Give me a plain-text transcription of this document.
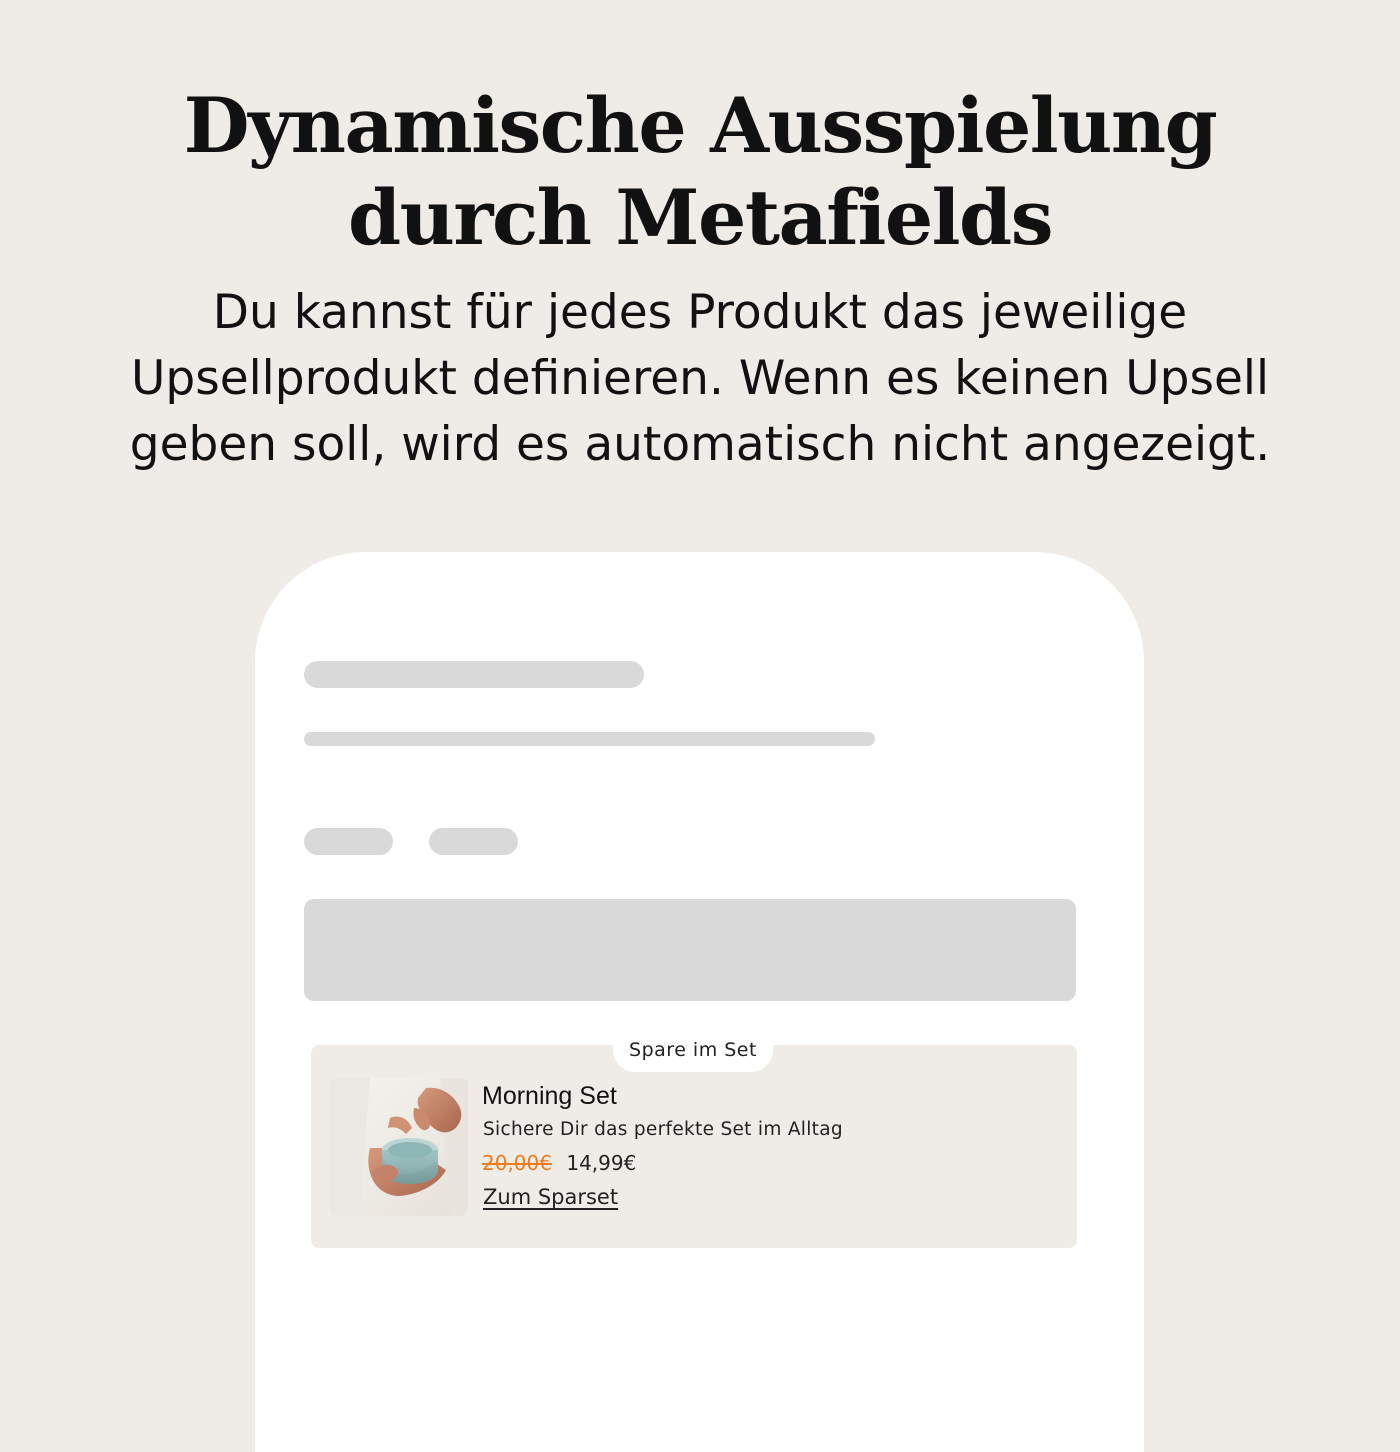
Dynamische Ausspielung
durch Metafields

Du kannst für jedes Produkt das jeweilige
Upsellprodukt definieren. Wenn es keinen Upsell
geben soll, wird es automatisch nicht angezeigt.

Spare im Set
Morning Set
Sichere Dir das perfekte Set im Alltag
20,00€ 14,99€
Zum Sparset
